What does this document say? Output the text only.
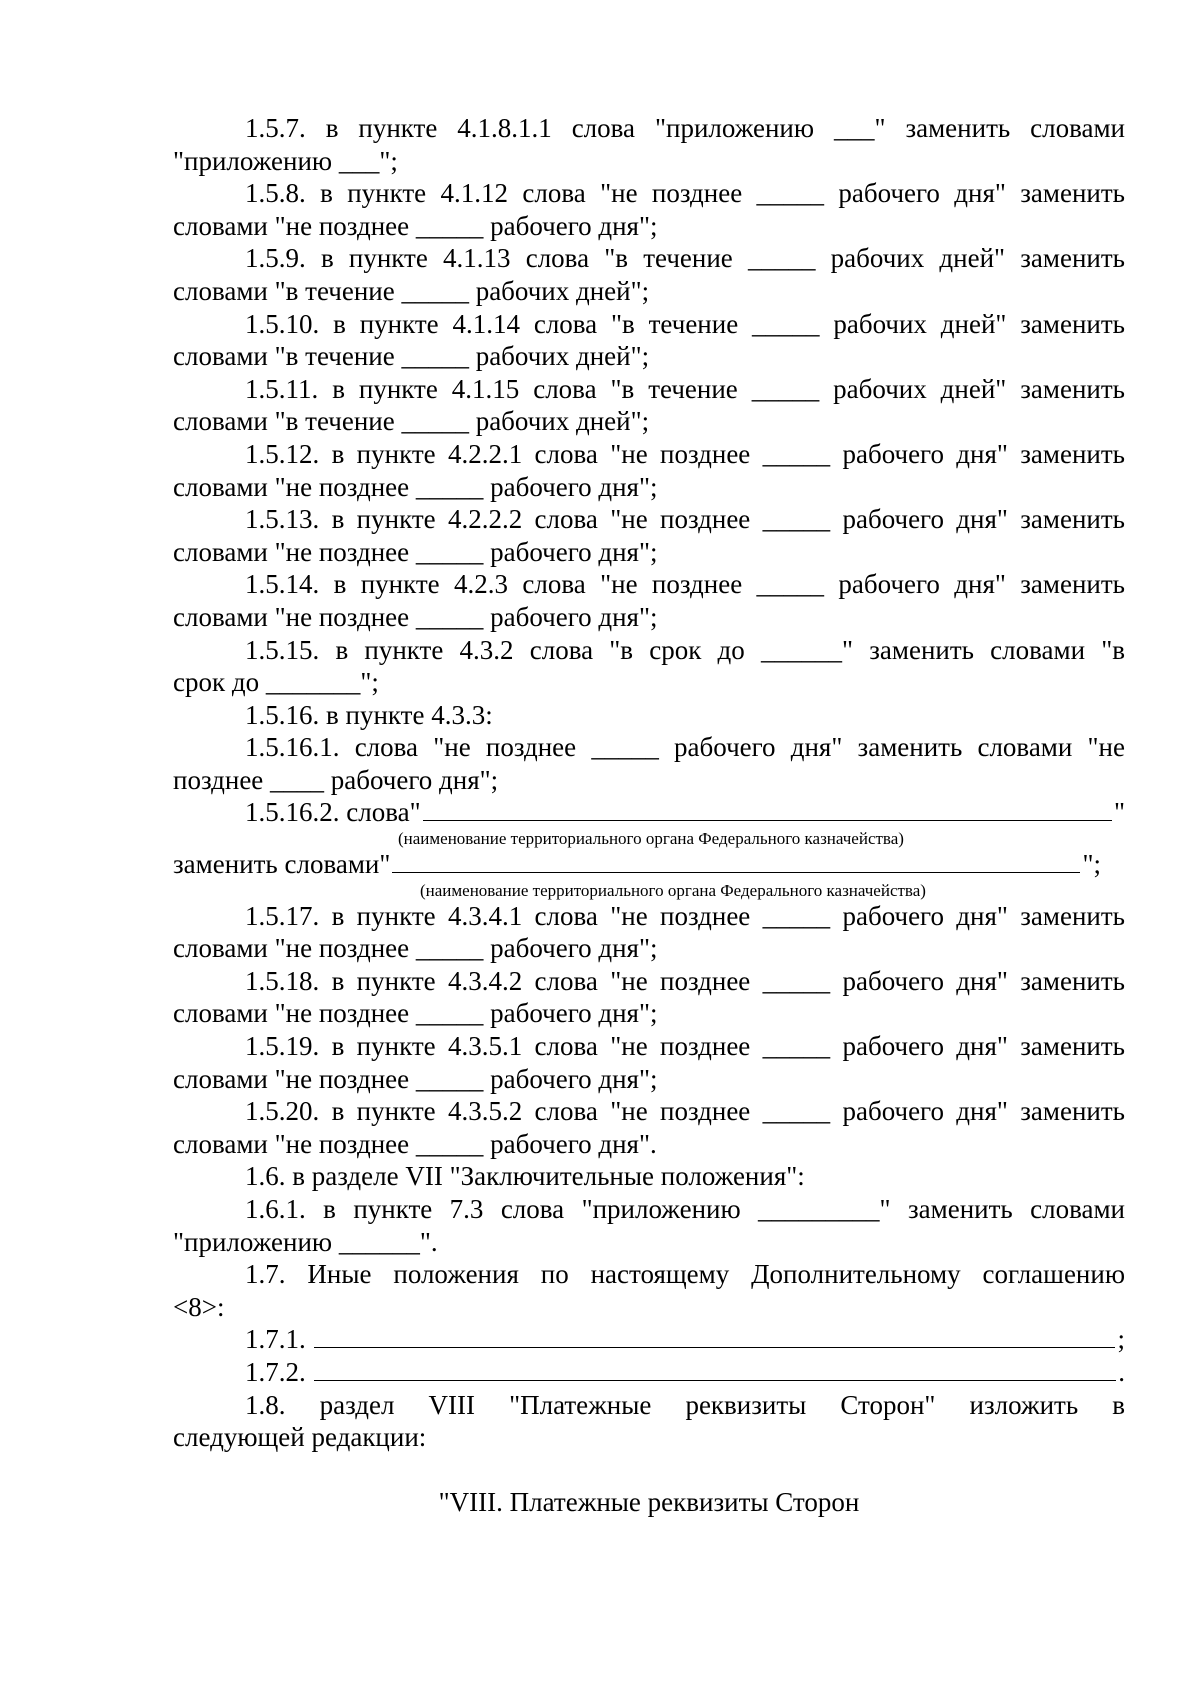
1.5.7. в пункте 4.1.8.1.1 слова "приложению ___" заменить словами
"приложению ___";
1.5.8. в пункте 4.1.12 слова "не позднее _____ рабочего дня" заменить
словами "не позднее _____ рабочего дня";
1.5.9. в пункте 4.1.13 слова "в течение _____ рабочих дней" заменить
словами "в течение _____ рабочих дней";
1.5.10. в пункте 4.1.14 слова "в течение _____ рабочих дней" заменить
словами "в течение _____ рабочих дней";
1.5.11. в пункте 4.1.15 слова "в течение _____ рабочих дней" заменить
словами "в течение _____ рабочих дней";
1.5.12. в пункте 4.2.2.1 слова "не позднее _____ рабочего дня" заменить
словами "не позднее _____ рабочего дня";
1.5.13. в пункте 4.2.2.2 слова "не позднее _____ рабочего дня" заменить
словами "не позднее _____ рабочего дня";
1.5.14. в пункте 4.2.3 слова "не позднее _____ рабочего дня" заменить
словами "не позднее _____ рабочего дня";
1.5.15. в пункте 4.3.2 слова "в срок до ______" заменить словами "в
срок до _______";
1.5.16. в пункте 4.3.3:
1.5.16.1. слова "не позднее _____ рабочего дня" заменить словами "не
позднее ____ рабочего дня";
1.5.16.2. слова"	"
(наименование территориального органа Федерального казначейства)
заменить словами"	";
(наименование территориального органа Федерального казначейства)
1.5.17. в пункте 4.3.4.1 слова "не позднее _____ рабочего дня" заменить
словами "не позднее _____ рабочего дня";
1.5.18. в пункте 4.3.4.2 слова "не позднее _____ рабочего дня" заменить
словами "не позднее _____ рабочего дня";
1.5.19. в пункте 4.3.5.1 слова "не позднее _____ рабочего дня" заменить
словами "не позднее _____ рабочего дня";
1.5.20. в пункте 4.3.5.2 слова "не позднее _____ рабочего дня" заменить
словами "не позднее _____ рабочего дня".
1.6. в разделе VII "Заключительные положения":
1.6.1. в пункте 7.3 слова "приложению _________" заменить словами
"приложению ______".
1.7. Иные положения по настоящему Дополнительному соглашению
<8>:
1.7.1.	;
1.7.2.	.
1.8. раздел VIII "Платежные реквизиты Сторон" изложить в
следующей редакции:
"VIII. Платежные реквизиты Сторон
